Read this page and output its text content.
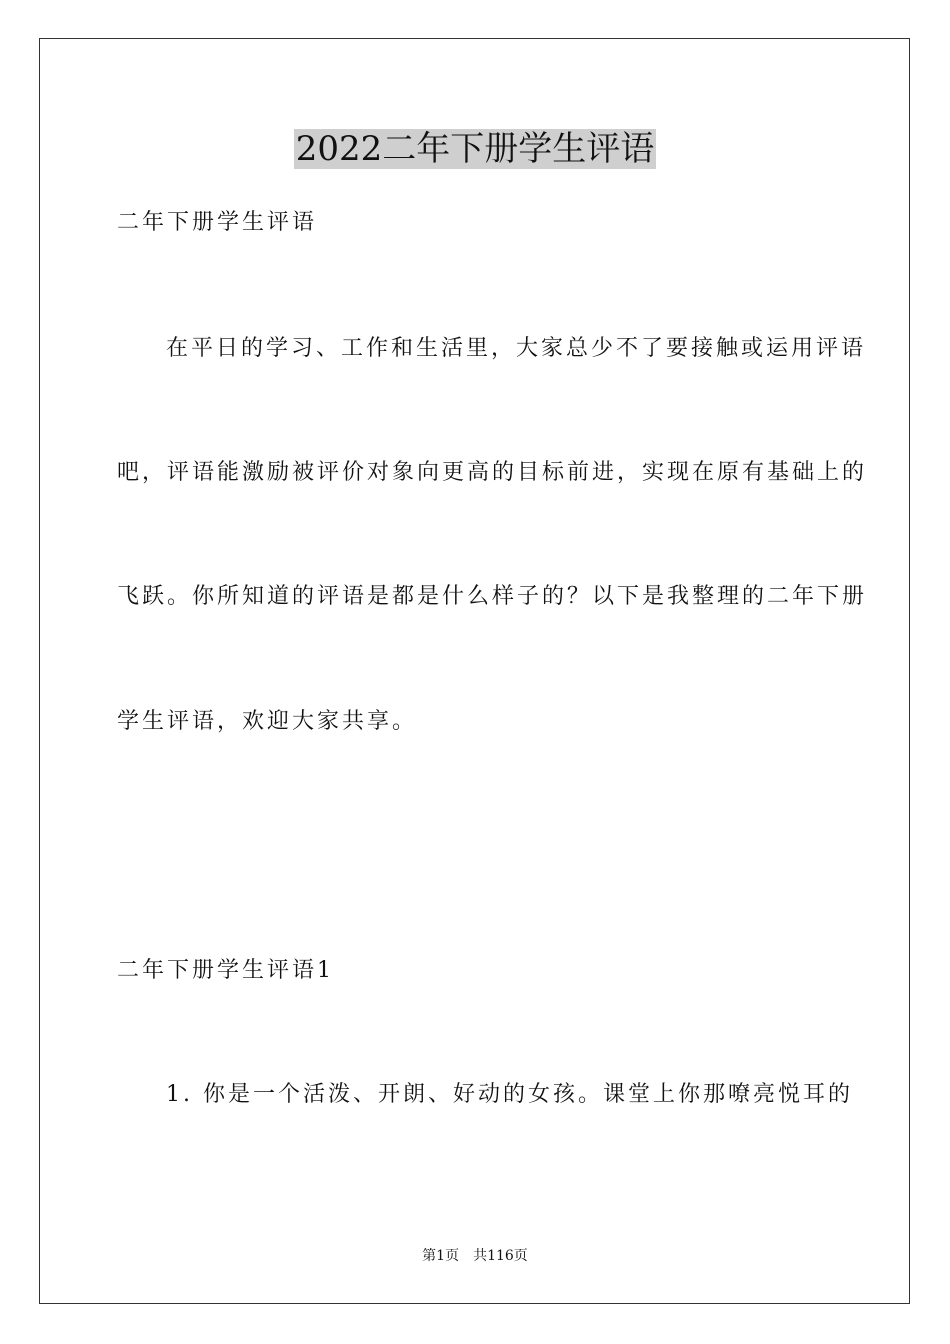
2022二年下册学生评语

二年下册学生评语

在平日的学习、工作和生活里，大家总少不了要接触或运用评语

吧，评语能激励被评价对象向更高的目标前进，实现在原有基础上的

飞跃。你所知道的评语是都是什么样子的？以下是我整理的二年下册

学生评语，欢迎大家共享。

二年下册学生评语1

1. 你是一个活泼、开朗、好动的女孩。课堂上你那嘹亮悦耳的

第1页　共116页
